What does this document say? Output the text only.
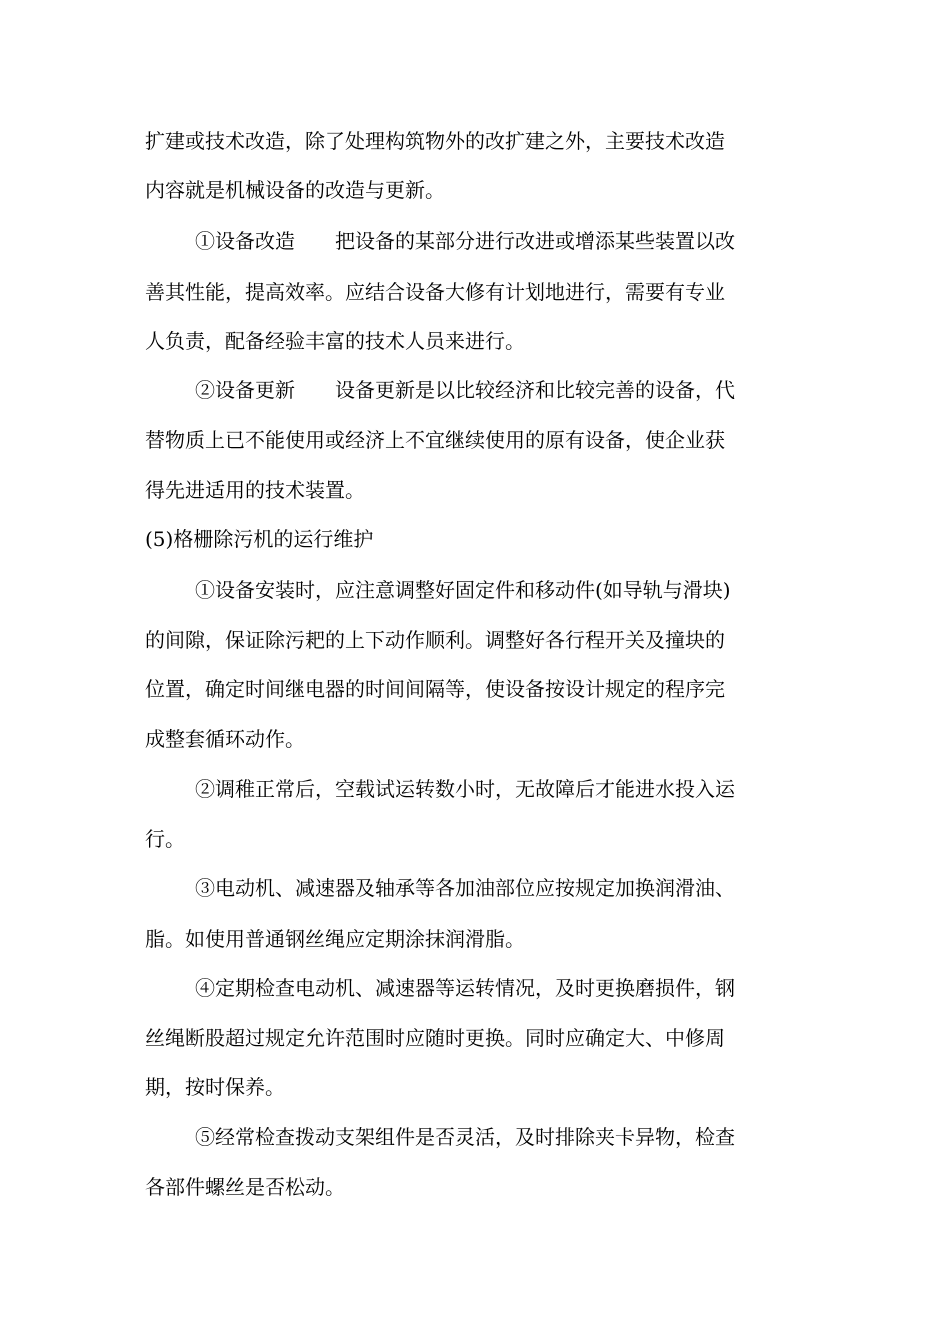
扩建或技术改造，除了处理构筑物外的改扩建之外，主要技术改造
内容就是机械设备的改造与更新。
①设备改造　　把设备的某部分进行改进或增添某些装置以改
善其性能，提高效率。应结合设备大修有计划地进行，需要有专业
人负责，配备经验丰富的技术人员来进行。
②设备更新　　设备更新是以比较经济和比较完善的设备，代
替物质上已不能使用或经济上不宜继续使用的原有设备，使企业获
得先进适用的技术装置。
(5)格栅除污机的运行维护
①设备安装时，应注意调整好固定件和移动件(如导轨与滑块)
的间隙，保证除污耙的上下动作顺利。调整好各行程开关及撞块的
位置，确定时间继电器的时间间隔等，使设备按设计规定的程序完
成整套循环动作。
②调稚正常后，空载试运转数小时，无故障后才能进水投入运
行。
③电动机、减速器及轴承等各加油部位应按规定加换润滑油、
脂。如使用普通钢丝绳应定期涂抹润滑脂。
④定期检查电动机、减速器等运转情况，及时更换磨损件，钢
丝绳断股超过规定允许范围时应随时更换。同时应确定大、中修周
期，按时保养。
⑤经常检查拨动支架组件是否灵活，及时排除夹卡异物，检查
各部件螺丝是否松动。
